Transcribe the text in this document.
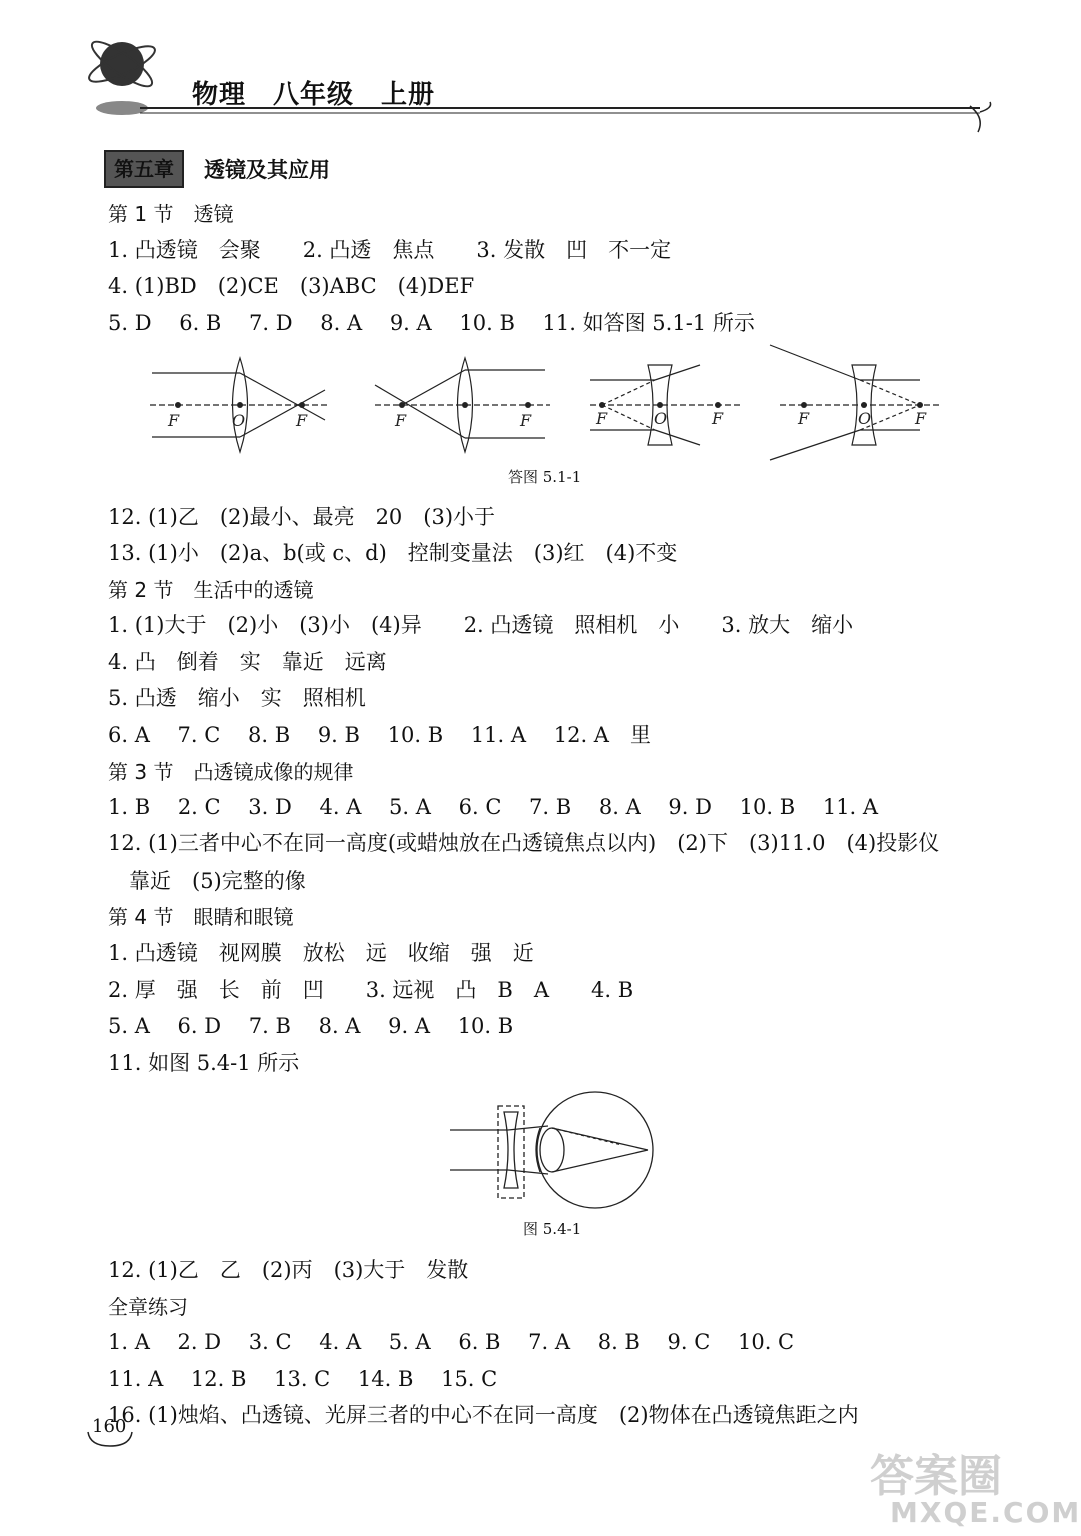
物理　八年级　上册
第五章	透镜及其应用
第 1 节　透镜
1. 凸透镜　会聚　　2. 凸透　焦点　　3. 发散　凹　不一定
4. (1)BD　(2)CE　(3)ABC　(4)DEF
5. D　 6. B　 7. D　 8. A　 9. A　 10. B　 11. 如答图 5.1-1 所示
F	O	F	F	F	F	O	F	F	O	F
答图 5.1-1
12. (1)乙　(2)最小、最亮　20　(3)小于
13. (1)小　(2)a、b(或 c、d)　控制变量法　(3)红　(4)不变
第 2 节　生活中的透镜
1. (1)大于　(2)小　(3)小　(4)异　　2. 凸透镜　照相机　小　　3. 放大　缩小
4. 凸　倒着　实　靠近　远离
5. 凸透　缩小　实　照相机
6. A　 7. C　 8. B　 9. B　 10. B　 11. A　 12. A　里
第 3 节　凸透镜成像的规律
1. B　 2. C　 3. D　 4. A　 5. A　 6. C　 7. B　 8. A　 9. D　 10. B　 11. A
12. (1)三者中心不在同一高度(或蜡烛放在凸透镜焦点以内)　(2)下　(3)11.0　(4)投影仪
　靠近　(5)完整的像
第 4 节　眼睛和眼镜
1. 凸透镜　视网膜　放松　远　收缩　强　近
2. 厚　强　长　前　凹　　3. 远视　凸　B　A　　4. B
5. A　 6. D　 7. B　 8. A　 9. A　 10. B
11. 如图 5.4-1 所示
图 5.4-1
12. (1)乙　乙　(2)丙　(3)大于　发散
全章练习
1. A　 2. D　 3. C　 4. A　 5. A　 6. B　 7. A　 8. B　 9. C　 10. C
11. A　 12. B　 13. C　 14. B　 15. C
16. (1)烛焰、凸透镜、光屏三者的中心不在同一高度　(2)物体在凸透镜焦距之内
160
答案圈
MXQE.COM
